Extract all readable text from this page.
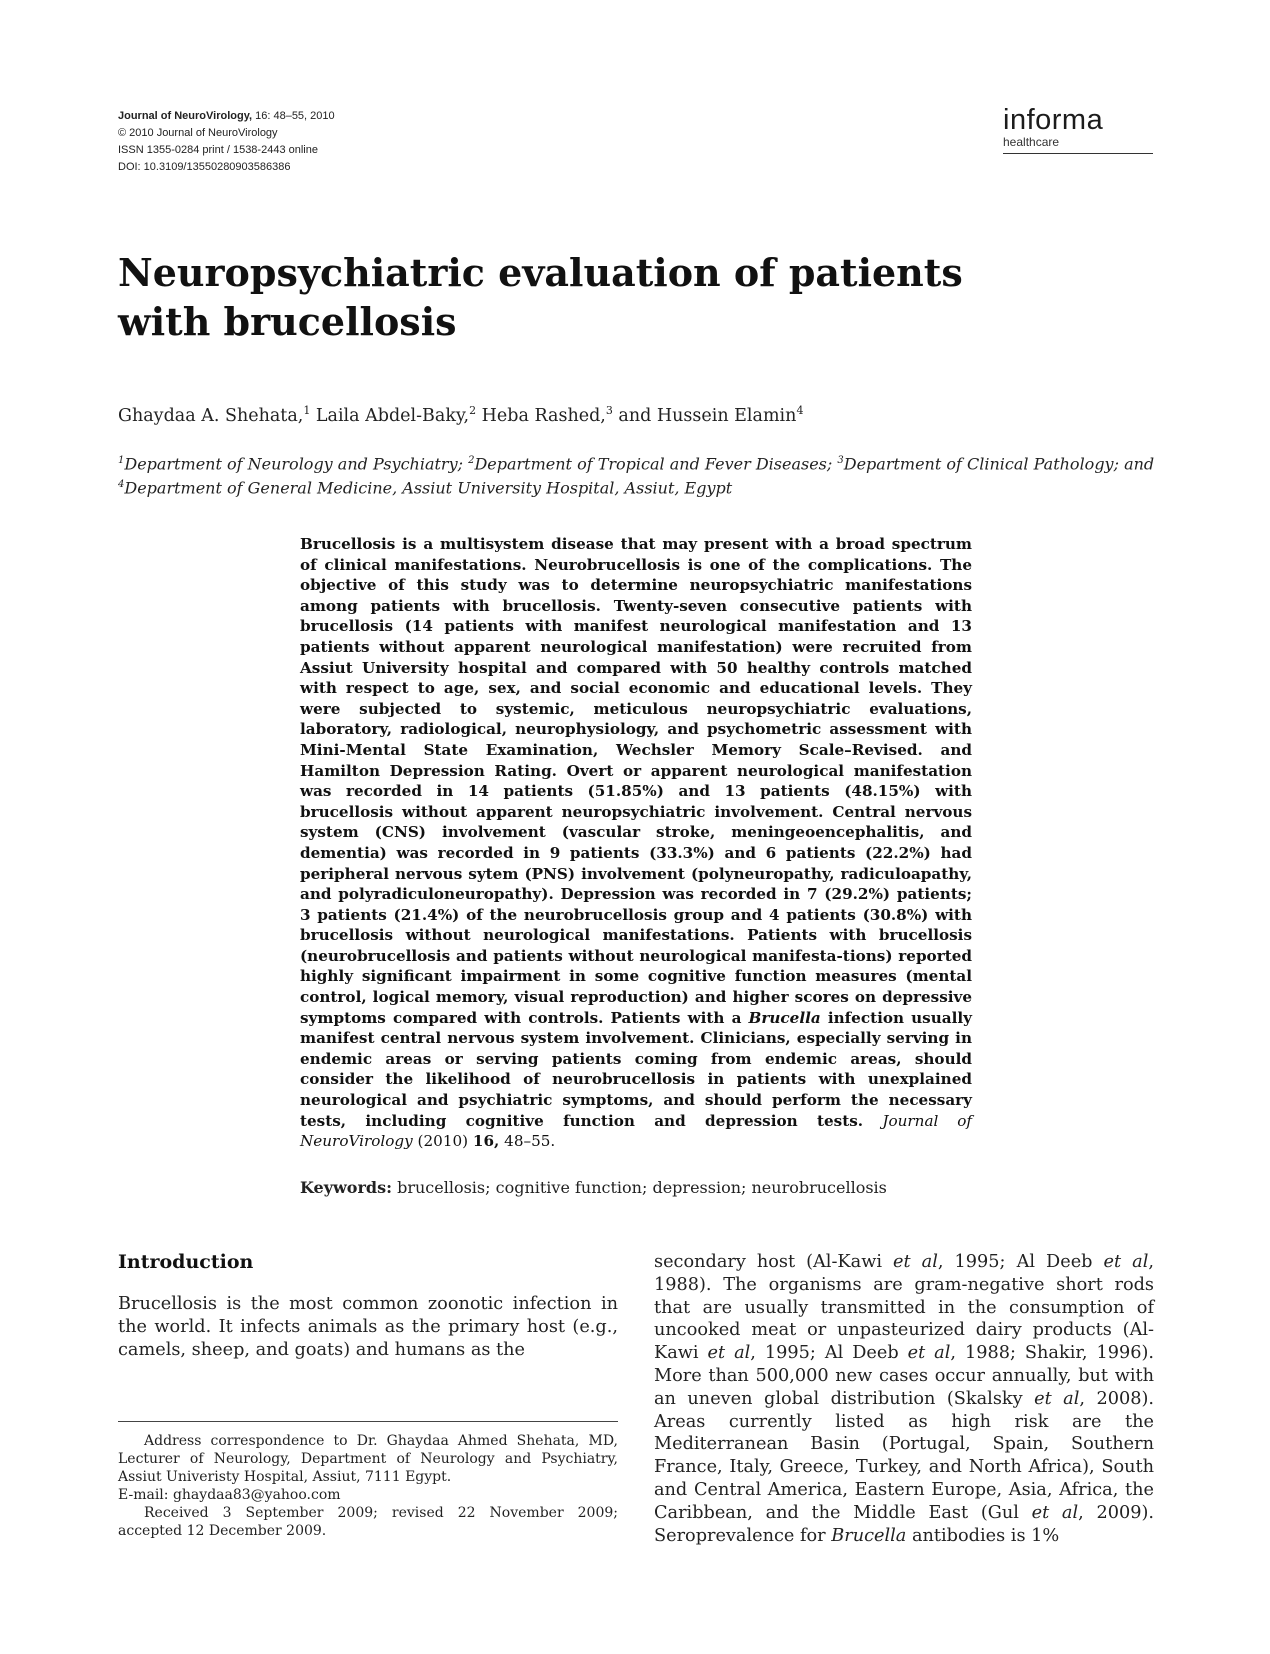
Journal of NeuroVirology, 16: 48–55, 2010
© 2010 Journal of NeuroVirology
ISSN 1355-0284 print / 1538-2443 online
DOI: 10.3109/13550280903586386
informa
healthcare
Neuropsychiatric evaluation of patients with brucellosis
Ghaydaa A. Shehata,$^1$ Laila Abdel-Baky,$^2$ Heba Rashed,$^3$ and Hussein Elamin$^4$
$^1$Department of Neurology and Psychiatry; $^2$Department of Tropical and Fever Diseases; $^3$Department of Clinical Pathology; and $^4$Department of General Medicine, Assiut University Hospital, Assiut, Egypt
Brucellosis is a multisystem disease that may present with a broad spectrum of clinical manifestations. Neurobrucellosis is one of the complications. The objective of this study was to determine neuropsychiatric manifestations among patients with brucellosis. Twenty-seven consecutive patients with brucellosis (14 patients with manifest neurological manifestation and 13 patients without apparent neurological manifestation) were recruited from Assiut University hospital and compared with 50 healthy controls matched with respect to age, sex, and social economic and educational levels. They were subjected to systemic, meticulous neuropsychiatric evaluations, laboratory, radiological, neurophysiology, and psychometric assessment with Mini-Mental State Examination, Wechsler Memory Scale–Revised. and Hamilton Depression Rating. Overt or apparent neurological manifestation was recorded in 14 patients (51.85%) and 13 patients (48.15%) with brucellosis without apparent neuropsychiatric involvement. Central nervous system (CNS) involvement (vascular stroke, meningeoencephalitis, and dementia) was recorded in 9 patients (33.3%) and 6 patients (22.2%) had peripheral nervous sytem (PNS) involvement (polyneuropathy, radiculoapathy, and polyradiculoneuropathy). Depression was recorded in 7 (29.2%) patients; 3 patients (21.4%) of the neurobrucellosis group and 4 patients (30.8%) with brucellosis without neurological manifestations. Patients with brucellosis (neurobrucellosis and patients without neurological manifesta-tions) reported highly significant impairment in some cognitive function measures (mental control, logical memory, visual reproduction) and higher scores on depressive symptoms compared with controls. Patients with a Brucella infection usually manifest central nervous system involvement. Clinicians, especially serving in endemic areas or serving patients coming from endemic areas, should consider the likelihood of neurobrucellosis in patients with unexplained neurological and psychiatric symptoms, and should perform the necessary tests, including cognitive function and depression tests. Journal of NeuroVirology (2010) 16, 48–55.
Keywords: brucellosis; cognitive function; depression; neurobrucellosis
Introduction
Brucellosis is the most common zoonotic infection in the world. It infects animals as the primary host (e.g., camels, sheep, and goats) and humans as the
secondary host (Al-Kawi et al, 1995; Al Deeb et al, 1988). The organisms are gram-negative short rods that are usually transmitted in the consumption of uncooked meat or unpasteurized dairy products (Al-Kawi et al, 1995; Al Deeb et al, 1988; Shakir, 1996). More than 500,000 new cases occur annually, but with an uneven global distribution (Skalsky et al, 2008). Areas currently listed as high risk are the Mediterranean Basin (Portugal, Spain, Southern France, Italy, Greece, Turkey, and North Africa), South and Central America, Eastern Europe, Asia, Africa, the Caribbean, and the Middle East (Gul et al, 2009). Seroprevalence for Brucella antibodies is 1%

Address correspondence to Dr. Ghaydaa Ahmed Shehata, MD, Lecturer of Neurology, Department of Neurology and Psychiatry, Assiut Univeristy Hospital, Assiut, 7111 Egypt.

E-mail: ghaydaa83@yahoo.com

Received 3 September 2009; revised 22 November 2009; accepted 12 December 2009.
